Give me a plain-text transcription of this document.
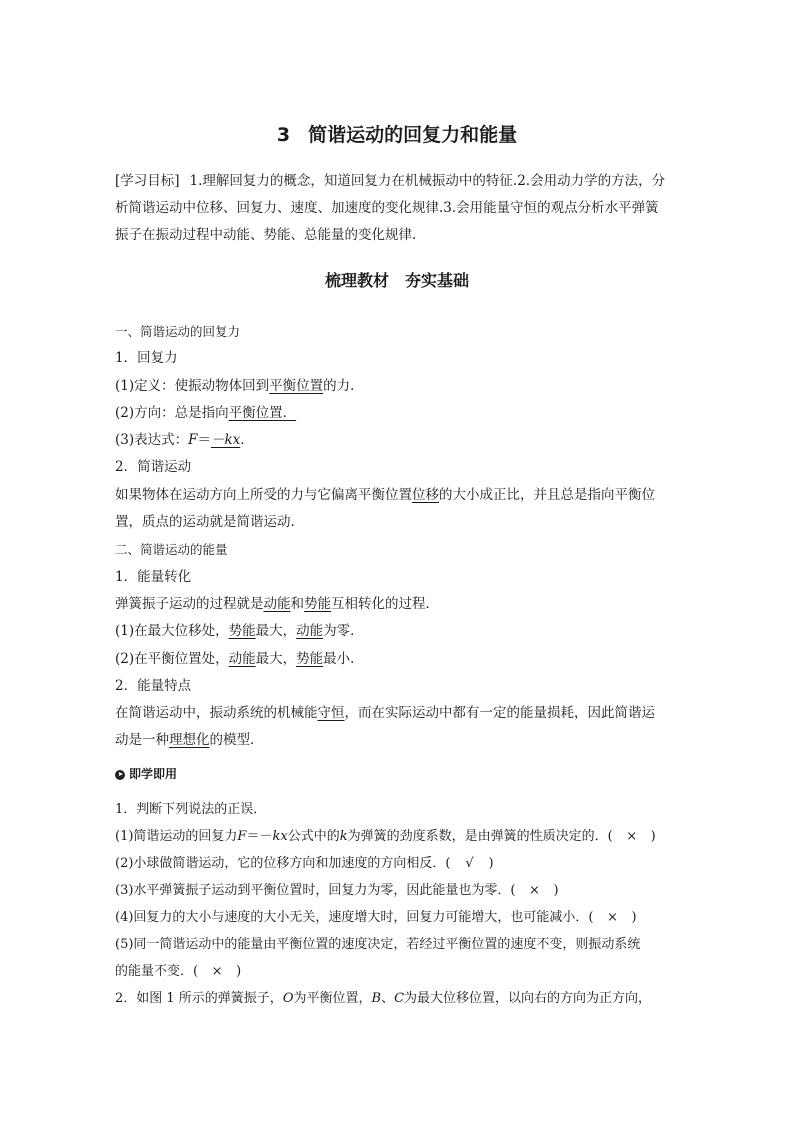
3 简谐运动的回复力和能量
[学习目标] 1.理解回复力的概念，知道回复力在机械振动中的特征.2.会用动力学的方法，分
析简谐运动中位移、回复力、速度、加速度的变化规律.3.会用能量守恒的观点分析水平弹簧
振子在振动过程中动能、势能、总能量的变化规律.
梳理教材 夯实基础
一、简谐运动的回复力
1．回复力
(1)定义：使振动物体回到平衡位置的力．
(2)方向：总是指向平衡位置．
(3)表达式：F＝－kx.
2．简谐运动
如果物体在运动方向上所受的力与它偏离平衡位置位移的大小成正比，并且总是指向平衡位
置，质点的运动就是简谐运动．
二、简谐运动的能量
1．能量转化
弹簧振子运动的过程就是动能和势能互相转化的过程．
(1)在最大位移处，势能最大，动能为零．
(2)在平衡位置处，动能最大，势能最小．
2．能量特点
在简谐运动中，振动系统的机械能守恒，而在实际运动中都有一定的能量损耗，因此简谐运
动是一种理想化的模型．
即学即用
1．判断下列说法的正误．
(1)简谐运动的回复力F＝－kx公式中的k为弹簧的劲度系数，是由弹簧的性质决定的．( × )
(2)小球做简谐运动，它的位移方向和加速度的方向相反．( √ )
(3)水平弹簧振子运动到平衡位置时，回复力为零，因此能量也为零．( × )
(4)回复力的大小与速度的大小无关，速度增大时，回复力可能增大，也可能减小．( × )
(5)同一简谐运动中的能量由平衡位置的速度决定，若经过平衡位置的速度不变，则振动系统
的能量不变．( × )
2．如图 1 所示的弹簧振子，O为平衡位置，B、C为最大位移位置，以向右的方向为正方向，
